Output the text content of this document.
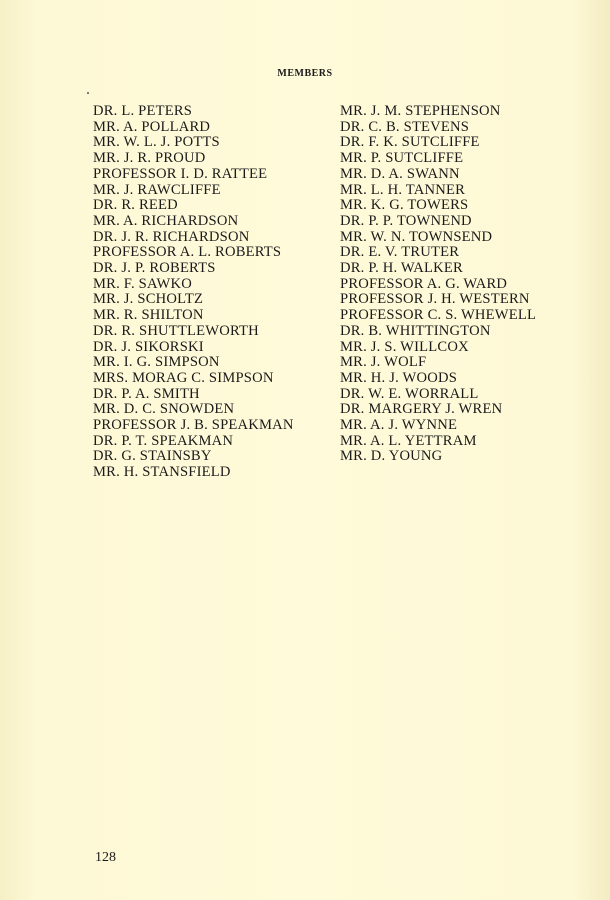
MEMBERS
DR. L. PETERS
MR. A. POLLARD
MR. W. L. J. POTTS
MR. J. R. PROUD
PROFESSOR I. D. RATTEE
MR. J. RAWCLIFFE
DR. R. REED
MR. A. RICHARDSON
DR. J. R. RICHARDSON
PROFESSOR A. L. ROBERTS
DR. J. P. ROBERTS
MR. F. SAWKO
MR. J. SCHOLTZ
MR. R. SHILTON
DR. R. SHUTTLEWORTH
DR. J. SIKORSKI
MR. I. G. SIMPSON
MRS. MORAG C. SIMPSON
DR. P. A. SMITH
MR. D. C. SNOWDEN
PROFESSOR J. B. SPEAKMAN
DR. P. T. SPEAKMAN
DR. G. STAINSBY
MR. H. STANSFIELD
MR. J. M. STEPHENSON
DR. C. B. STEVENS
DR. F. K. SUTCLIFFE
MR. P. SUTCLIFFE
MR. D. A. SWANN
MR. L. H. TANNER
MR. K. G. TOWERS
DR. P. P. TOWNEND
MR. W. N. TOWNSEND
DR. E. V. TRUTER
DR. P. H. WALKER
PROFESSOR A. G. WARD
PROFESSOR J. H. WESTERN
PROFESSOR C. S. WHEWELL
DR. B. WHITTINGTON
MR. J. S. WILLCOX
MR. J. WOLF
MR. H. J. WOODS
DR. W. E. WORRALL
DR. MARGERY J. WREN
MR. A. J. WYNNE
MR. A. L. YETTRAM
MR. D. YOUNG
128
